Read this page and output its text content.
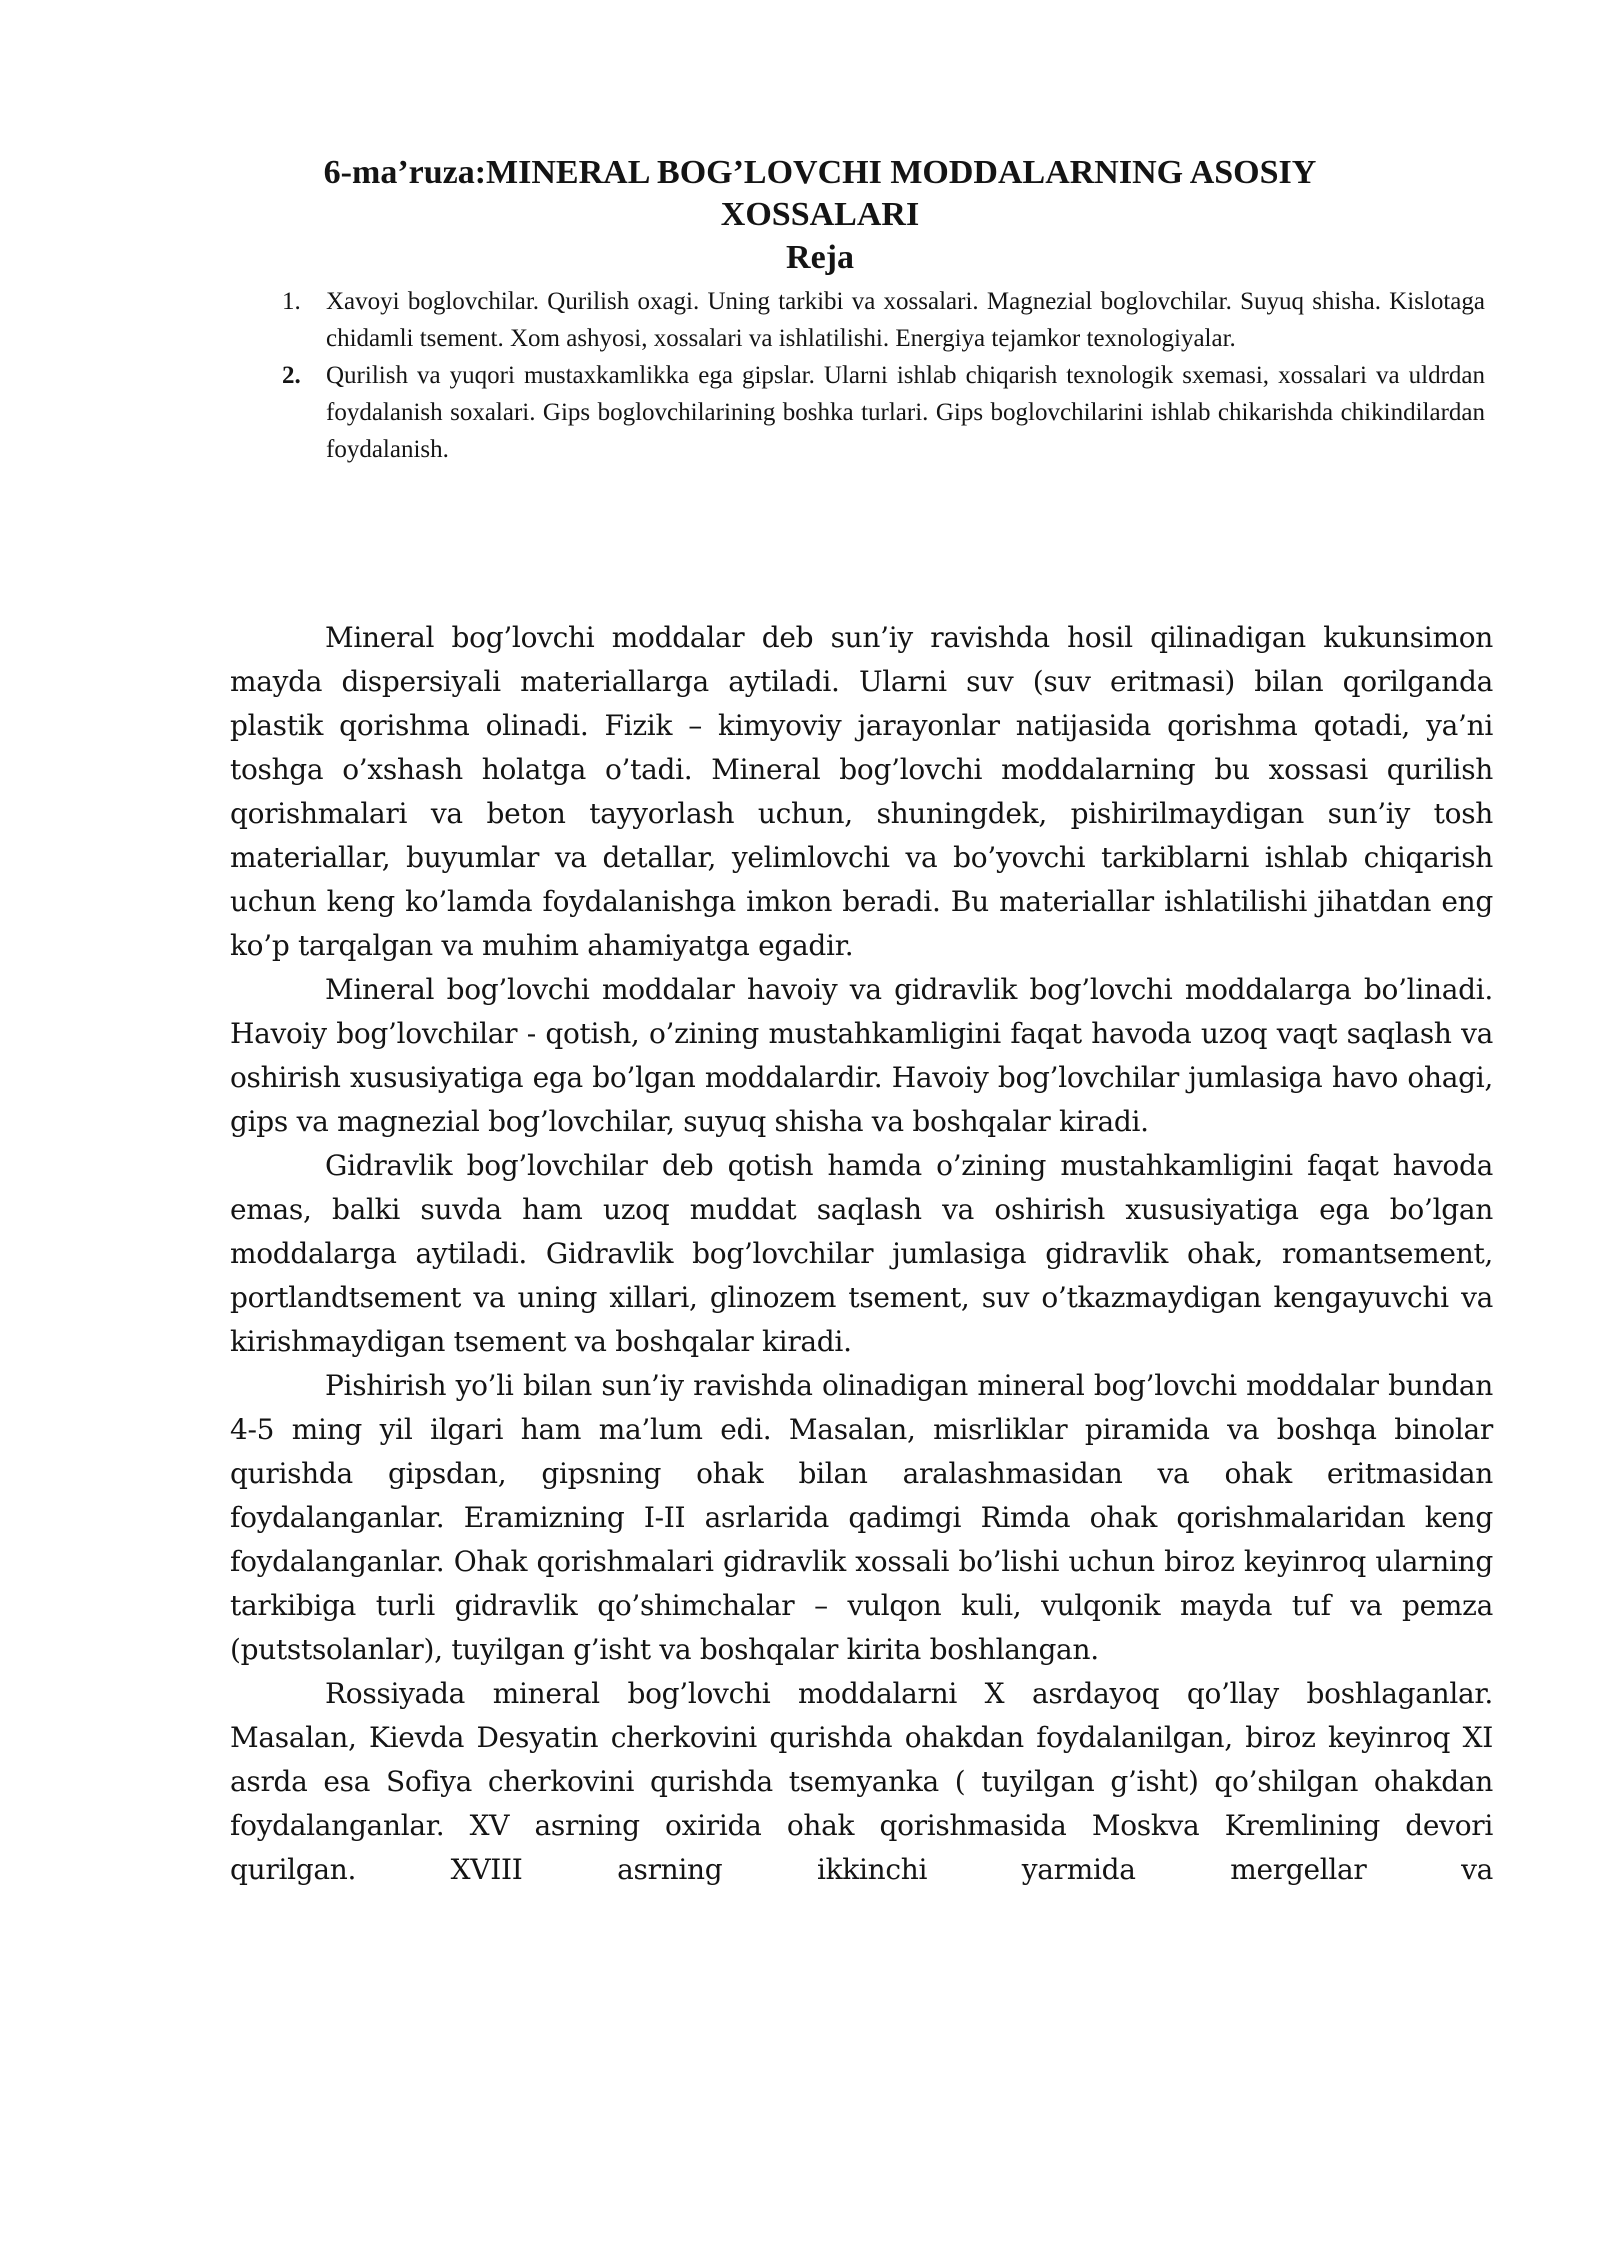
6-ma’ruza:MINERAL BOG’LOVCHI MODDALARNING ASOSIY
XOSSALARI
Reja
1. Xavoyi boglovchilar. Qurilish oxagi. Uning tarkibi va xossalari. Magnezial boglovchilar. Suyuq shisha. Kislotaga chidamli tsement. Xom ashyosi, xossalari va ishlatilishi. Energiya tejamkor texnologiyalar.
2. Qurilish va yuqori mustaxkamlikka ega gipslar. Ularni ishlab chiqarish texnologik sxemasi, xossalari va uldrdan foydalanish soxalari. Gips boglovchilarining boshka turlari. Gips boglovchilarini ishlab chikarishda chikindilardan foydalanish.

Mineral bog’lovchi moddalar deb sun’iy ravishda hosil qilinadigan kukunsimon mayda dispersiyali materiallarga aytiladi. Ularni suv (suv eritmasi) bilan qorilganda plastik qorishma olinadi. Fizik – kimyoviy jarayonlar natijasida qorishma qotadi, ya’ni toshga o’xshash holatga o’tadi. Mineral bog’lovchi moddalarning bu xossasi qurilish qorishmalari va beton tayyorlash uchun, shuningdek, pishirilmaydigan sun’iy tosh materiallar, buyumlar va detallar, yelimlovchi va bo’yovchi tarkiblarni ishlab chiqarish uchun keng ko’lamda foydalanishga imkon beradi. Bu materiallar ishlatilishi jihatdan eng ko’p tarqalgan va muhim ahamiyatga egadir.

Mineral bog’lovchi moddalar havoiy va gidravlik bog’lovchi moddalarga bo’linadi. Havoiy bog’lovchilar - qotish, o’zining mustahkamligini faqat havoda uzoq vaqt saqlash va oshirish xususiyatiga ega bo’lgan moddalardir. Havoiy bog’lovchilar jumlasiga havo ohagi, gips va magnezial bog’lovchilar, suyuq shisha va boshqalar kiradi.

Gidravlik bog’lovchilar deb qotish hamda o’zining mustahkamligini faqat havoda emas, balki suvda ham uzoq muddat saqlash va oshirish xususiyatiga ega bo’lgan moddalarga aytiladi. Gidravlik bog’lovchilar jumlasiga gidravlik ohak, romantsement, portlandtsement va uning xillari, glinozem tsement, suv o’tkazmaydigan kengayuvchi va kirishmaydigan tsement va boshqalar kiradi.

Pishirish yo’li bilan sun’iy ravishda olinadigan mineral bog’lovchi moddalar bundan 4-5 ming yil ilgari ham ma’lum edi. Masalan, misrliklar piramida va boshqa binolar qurishda gipsdan, gipsning ohak bilan aralashmasidan va ohak eritmasidan foydalanganlar. Eramizning I-II asrlarida qadimgi Rimda ohak qorishmalaridan keng foydalanganlar. Ohak qorishmalari gidravlik xossali bo’lishi uchun biroz keyinroq ularning tarkibiga turli gidravlik qo’shimchalar – vulqon kuli, vulqonik mayda tuf va pemza (putstsolanlar), tuyilgan g’isht va boshqalar kirita boshlangan.

Rossiyada mineral bog’lovchi moddalarni X asrdayoq qo’llay boshlaganlar. Masalan, Kievda Desyatin cherkovini qurishda ohakdan foydalanilgan, biroz keyinroq XI asrda esa Sofiya cherkovini qurishda tsemyanka ( tuyilgan g’isht) qo’shilgan ohakdan foydalanganlar. XV asrning oxirida ohak qorishmasida Moskva Kremlining devori qurilgan. XVIII asrning ikkinchi yarmida mergellar va
